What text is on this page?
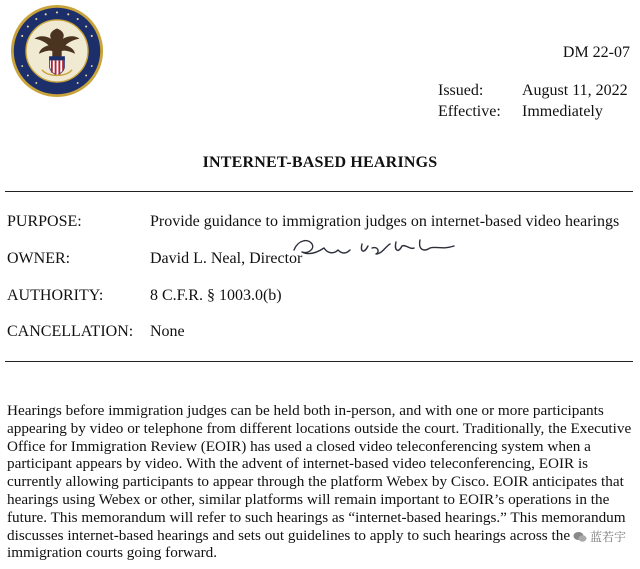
DM 22-07
Issued: August 11, 2022
Effective: Immediately
INTERNET-BASED HEARINGS
PURPOSE:	Provide guidance to immigration judges on internet-based video hearings
OWNER:	David L. Neal, Director
AUTHORITY:	8 C.F.R. § 1003.0(b)
CANCELLATION: None

Hearings before immigration judges can be held both in-person, and with one or more participants appearing by video or telephone from different locations outside the court. Traditionally, the Executive Office for Immigration Review (EOIR) has used a closed video teleconferencing system when a participant appears by video. With the advent of internet-based video teleconferencing, EOIR is currently allowing participants to appear through the platform Webex by Cisco. EOIR anticipates that hearings using Webex or other, similar platforms will remain important to EOIR’s operations in the future. This memorandum will refer to such hearings as “internet-based hearings.” This memorandum discusses internet-based hearings and sets out guidelines to apply to such hearings across the immigration courts going forward.

蓝若宇
